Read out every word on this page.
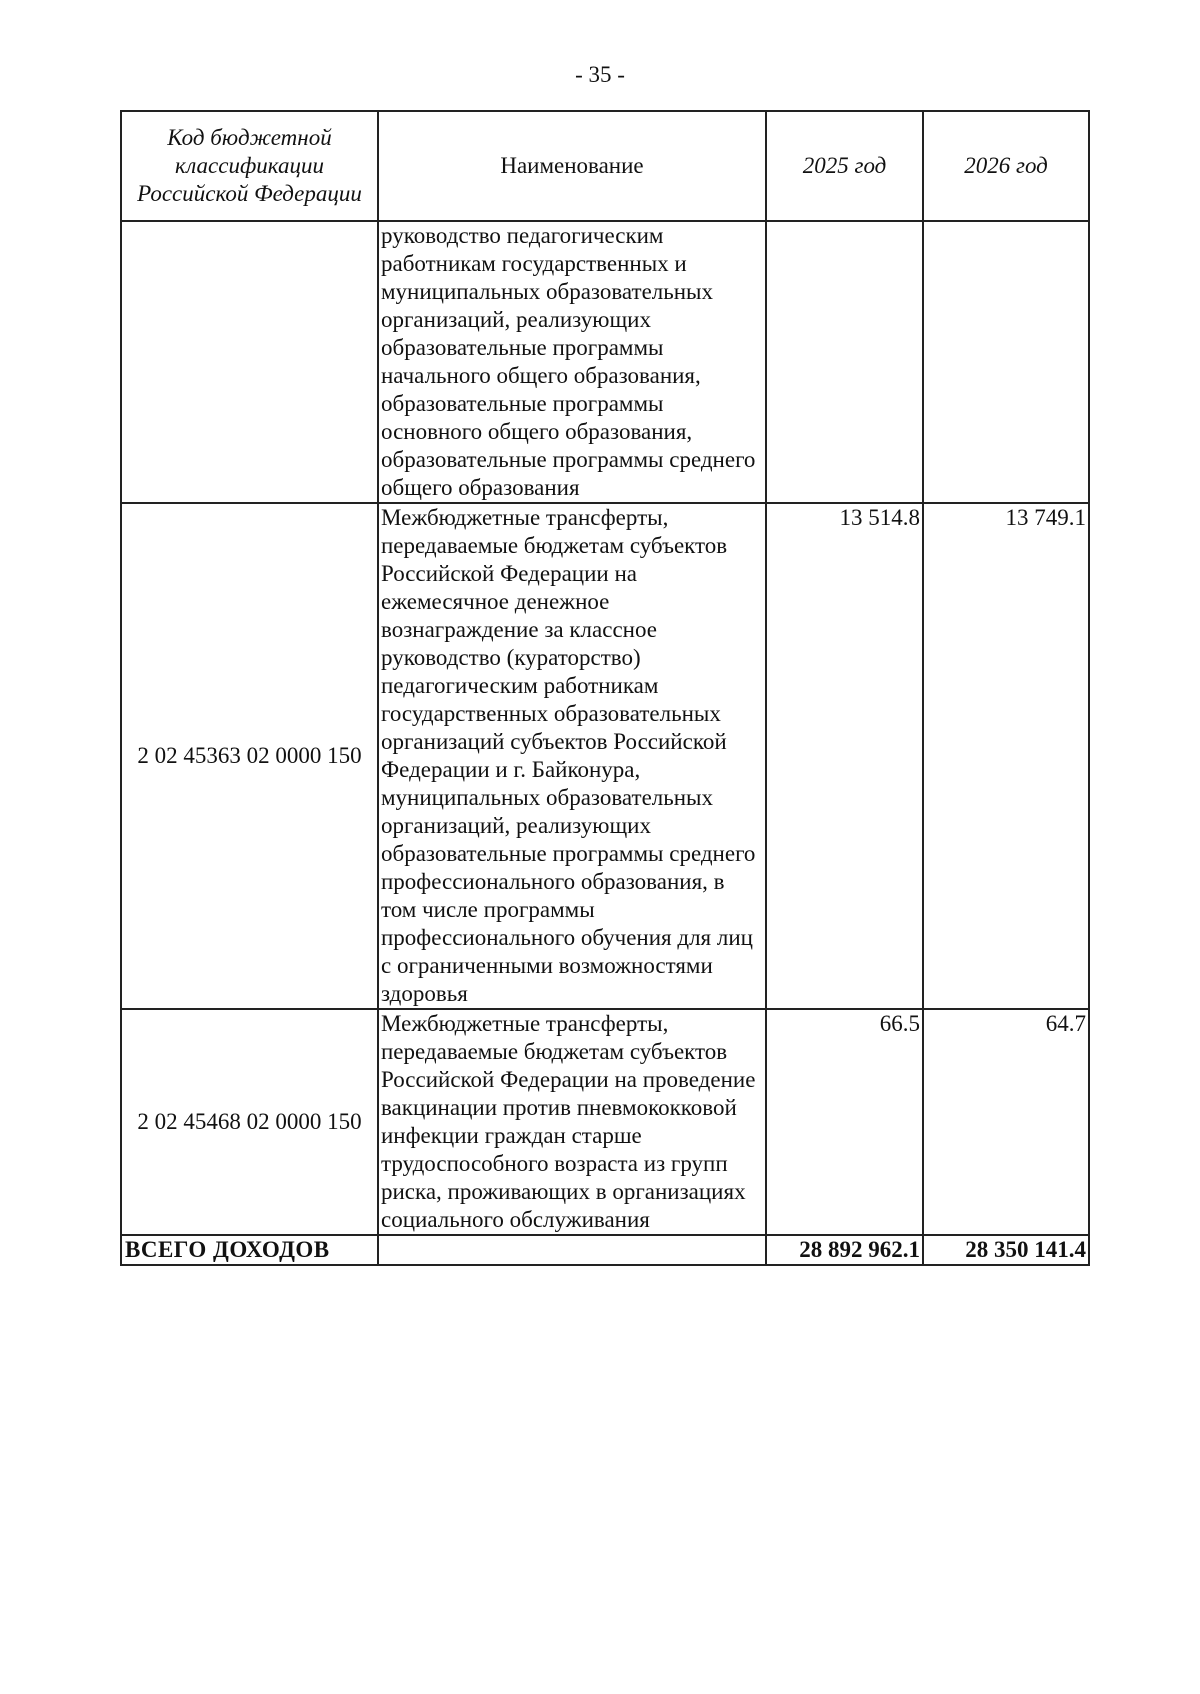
- 35 -
Код бюджетной классификации Российской Федерации	Наименование	2025 год	2026 год
	руководство педагогическим работникам государственных и муниципальных образовательных организаций, реализующих образовательные программы начального общего образования, образовательные программы основного общего образования, образовательные программы среднего общего образования		
2 02 45363 02 0000 150	Межбюджетные трансферты, передаваемые бюджетам субъектов Российской Федерации на ежемесячное денежное вознаграждение за классное руководство (кураторство) педагогическим работникам государственных образовательных организаций субъектов Российской Федерации и г. Байконура, муниципальных образовательных организаций, реализующих образовательные программы среднего профессионального образования, в том числе программы профессионального обучения для лиц с ограниченными возможностями здоровья	13 514.8	13 749.1
2 02 45468 02 0000 150	Межбюджетные трансферты, передаваемые бюджетам субъектов Российской Федерации на проведение вакцинации против пневмококковой инфекции граждан старше трудоспособного возраста из групп риска, проживающих в организациях социального обслуживания	66.5	64.7
ВСЕГО ДОХОДОВ		28 892 962.1	28 350 141.4
